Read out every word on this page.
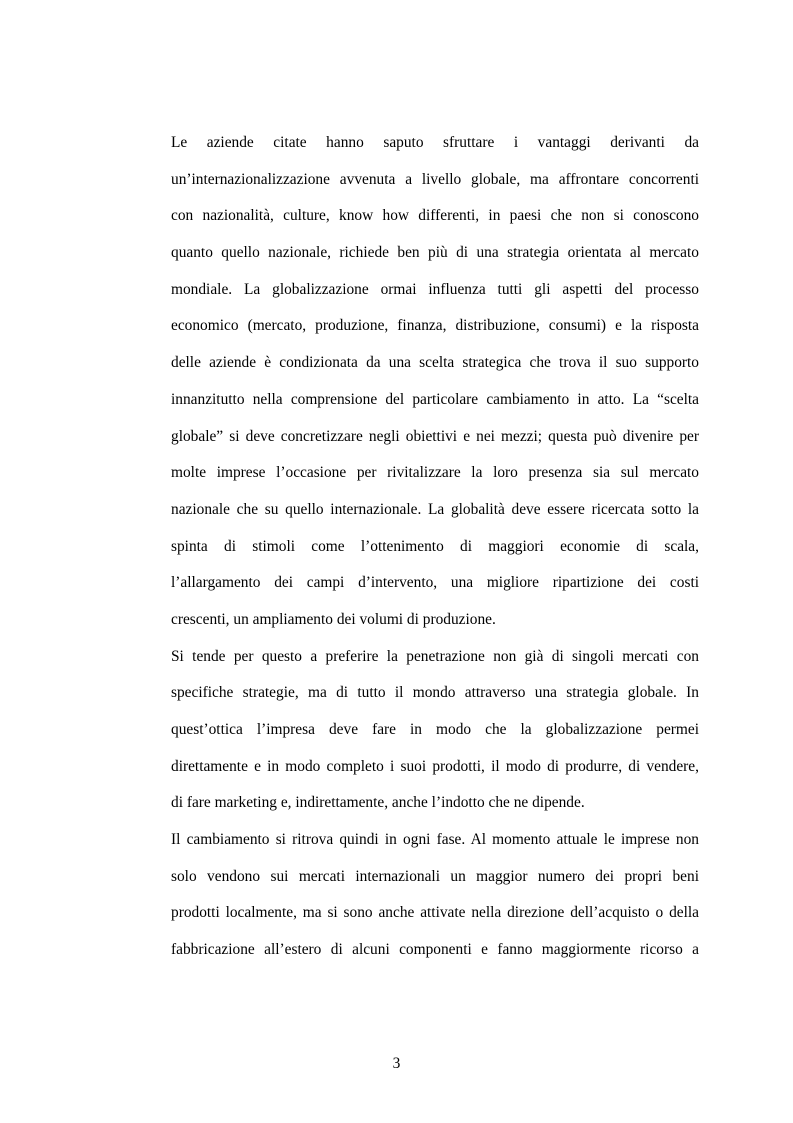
Le aziende citate hanno saputo sfruttare i vantaggi derivanti da
un’internazionalizzazione avvenuta a livello globale, ma affrontare concorrenti
con nazionalità, culture, know how differenti, in paesi che non si conoscono
quanto quello nazionale, richiede ben più di una strategia orientata al mercato
mondiale. La globalizzazione ormai influenza tutti gli aspetti del processo
economico (mercato, produzione, finanza, distribuzione, consumi) e la risposta
delle aziende è condizionata da una scelta strategica che trova il suo supporto
innanzitutto nella comprensione del particolare cambiamento in atto. La “scelta
globale” si deve concretizzare negli obiettivi e nei mezzi; questa può divenire per
molte imprese l’occasione per rivitalizzare la loro presenza sia sul mercato
nazionale che su quello internazionale. La globalità deve essere ricercata sotto la
spinta di stimoli come l’ottenimento di maggiori economie di scala,
l’allargamento dei campi d’intervento, una migliore ripartizione dei costi
crescenti, un ampliamento dei volumi di produzione.
Si tende per questo a preferire la penetrazione non già di singoli mercati con
specifiche strategie, ma di tutto il mondo attraverso una strategia globale. In
quest’ottica l’impresa deve fare in modo che la globalizzazione permei
direttamente e in modo completo i suoi prodotti, il modo di produrre, di vendere,
di fare marketing e, indirettamente, anche l’indotto che ne dipende.
Il cambiamento si ritrova quindi in ogni fase. Al momento attuale le imprese non
solo vendono sui mercati internazionali un maggior numero dei propri beni
prodotti localmente, ma si sono anche attivate nella direzione dell’acquisto o della
fabbricazione all’estero di alcuni componenti e fanno maggiormente ricorso a
3
